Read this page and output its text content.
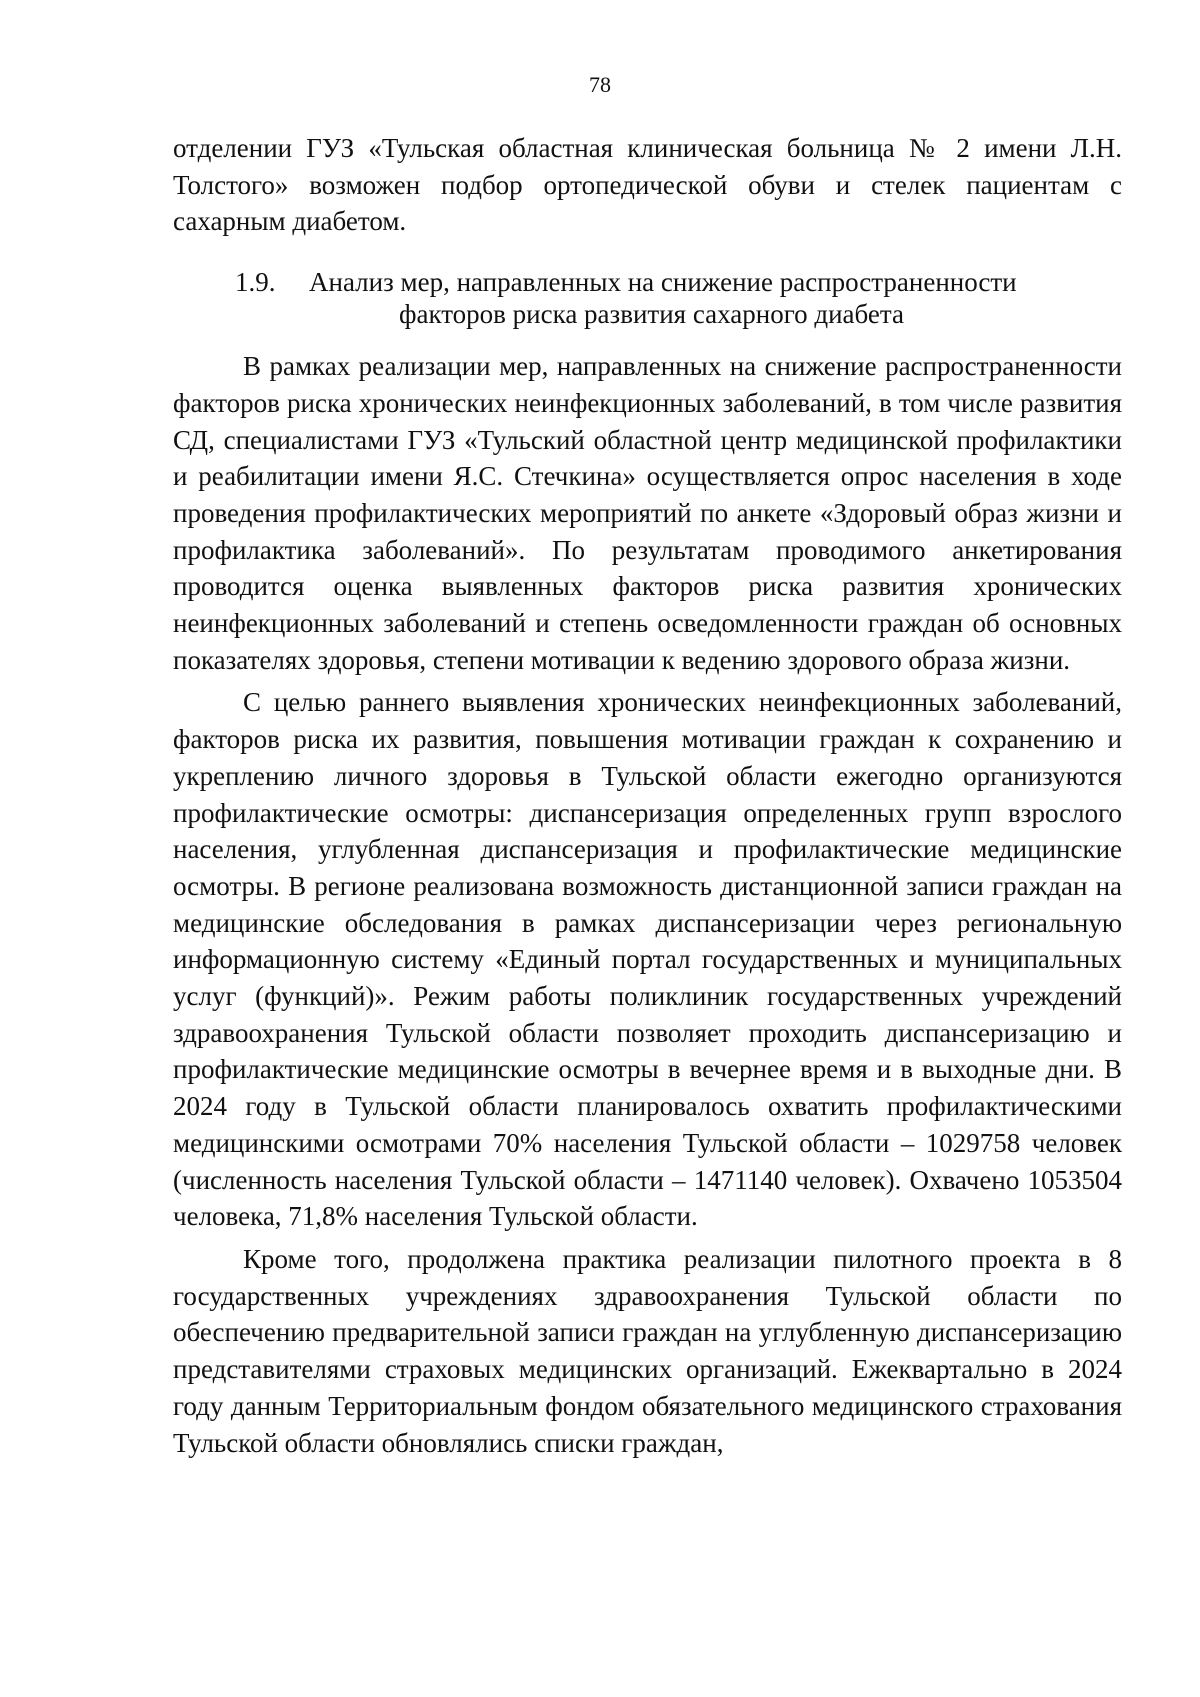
78

отделении ГУЗ «Тульская областная клиническая больница № 2 имени Л.Н. Толстого» возможен подбор ортопедической обуви и стелек пациентам с сахарным диабетом.

1.9. Анализ мер, направленных на снижение распространенности
факторов риска развития сахарного диабета

В рамках реализации мер, направленных на снижение распространенности факторов риска хронических неинфекционных заболеваний, в том числе развития СД, специалистами ГУЗ «Тульский областной центр медицинской профилактики и реабилитации имени Я.С. Стечкина» осуществляется опрос населения в ходе проведения профилактических мероприятий по анкете «Здоровый образ жизни и профилактика заболеваний». По результатам проводимого анкетирования проводится оценка выявленных факторов риска развития хронических неинфекционных заболеваний и степень осведомленности граждан об основных показателях здоровья, степени мотивации к ведению здорового образа жизни.

С целью раннего выявления хронических неинфекционных заболеваний, факторов риска их развития, повышения мотивации граждан к сохранению и укреплению личного здоровья в Тульской области ежегодно организуются профилактические осмотры: диспансеризация определенных групп взрослого населения, углубленная диспансеризация и профилактические медицинские осмотры. В регионе реализована возможность дистанционной записи граждан на медицинские обследования в рамках диспансеризации через региональную информационную систему «Единый портал государственных и муниципальных услуг (функций)». Режим работы поликлиник государственных учреждений здравоохранения Тульской области позволяет проходить диспансеризацию и профилактические медицинские осмотры в вечернее время и в выходные дни. В 2024 году в Тульской области планировалось охватить профилактическими медицинскими осмотрами 70% населения Тульской области – 1029758 человек (численность населения Тульской области – 1471140 человек). Охвачено 1053504 человека, 71,8% населения Тульской области.

Кроме того, продолжена практика реализации пилотного проекта в 8 государственных учреждениях здравоохранения Тульской области по обеспечению предварительной записи граждан на углубленную диспансеризацию представителями страховых медицинских организаций. Ежеквартально в 2024 году данным Территориальным фондом обязательного медицинского страхования Тульской области обновлялись списки граждан,
